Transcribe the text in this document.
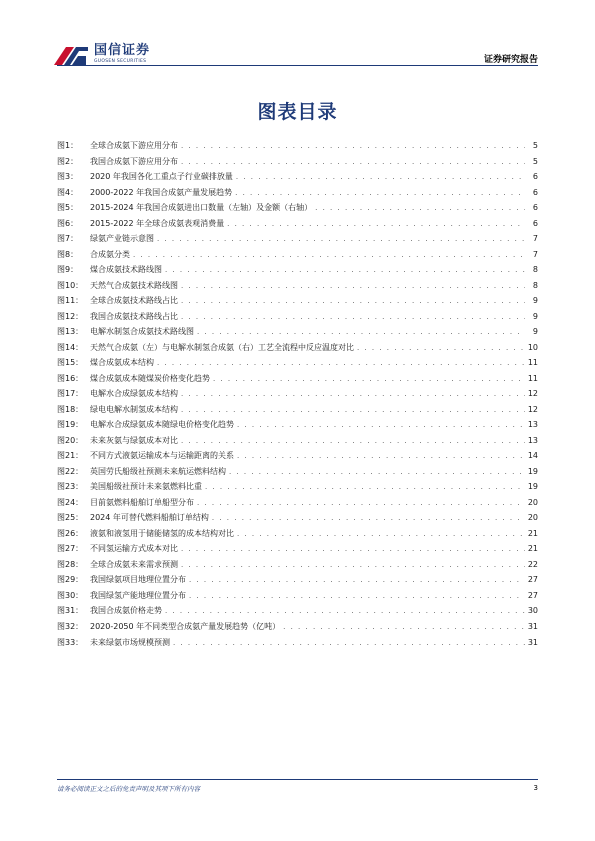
国信证券
GUOSEN SECURITIES	证券研究报告
图表目录
图1：	全球合成氨下游应用分布 . . .	5
图2：	我国合成氨下游应用分布 . . .	5
图3：	2020 年我国各化工重点子行业碳排放量 . . .	6
图4：	2000-2022 年我国合成氨产量发展趋势 . . .	6
图5：	2015-2024 年我国合成氨进出口数量（左轴）及金额（右轴） . . .	6
图6：	2015-2022 年全球合成氨表观消费量 . . .	6
图7：	绿氨产业链示意图 . . .	7
图8：	合成氨分类 . . .	7
图9：	煤合成氨技术路线图 . . .	8
图10： 天然气合成氨技术路线图 . . .	8
图11： 全球合成氨技术路线占比 . . .	9
图12： 我国合成氨技术路线占比 . . .	9
图13： 电解水制氢合成氨技术路线图 . . .	9
图14： 天然气合成氨（左）与电解水制氢合成氨（右）工艺全流程中反应温度对比 . . .	10
图15： 煤合成氨成本结构 . . .	11
图16： 煤合成氨成本随煤炭价格变化趋势 . . .	11
图17： 电解水合成绿氨成本结构 . . .	12
图18： 绿电电解水制氢成本结构 . . .	12
图19： 电解水合成绿氨成本随绿电价格变化趋势 . . .	13
图20： 未来灰氨与绿氨成本对比 . . .	13
图21： 不同方式液氨运输成本与运输距离的关系 . . .	14
图22： 英国劳氏船级社预测未来航运燃料结构 . . .	19
图23： 美国船级社预计未来氨燃料比重 . . .	19
图24： 目前氨燃料船舶订单船型分布 . . .	20
图25： 2024 年可替代燃料船舶订单结构 . . .	20
图26： 液氨和液氢用于储能储氢的成本结构对比 . . .	21
图27： 不同氢运输方式成本对比 . . .	21
图28： 全球合成氨未来需求预测 . . .	22
图29： 我国绿氨项目地理位置分布 . . .	27
图30： 我国绿氢产能地理位置分布 . . .	27
图31： 我国合成氨价格走势 . . .	30
图32： 2020-2050 年不同类型合成氨产量发展趋势（亿吨） . . .	31
图33： 未来绿氨市场规模预测 . . .	31
请务必阅读正文之后的免责声明及其项下所有内容	3
